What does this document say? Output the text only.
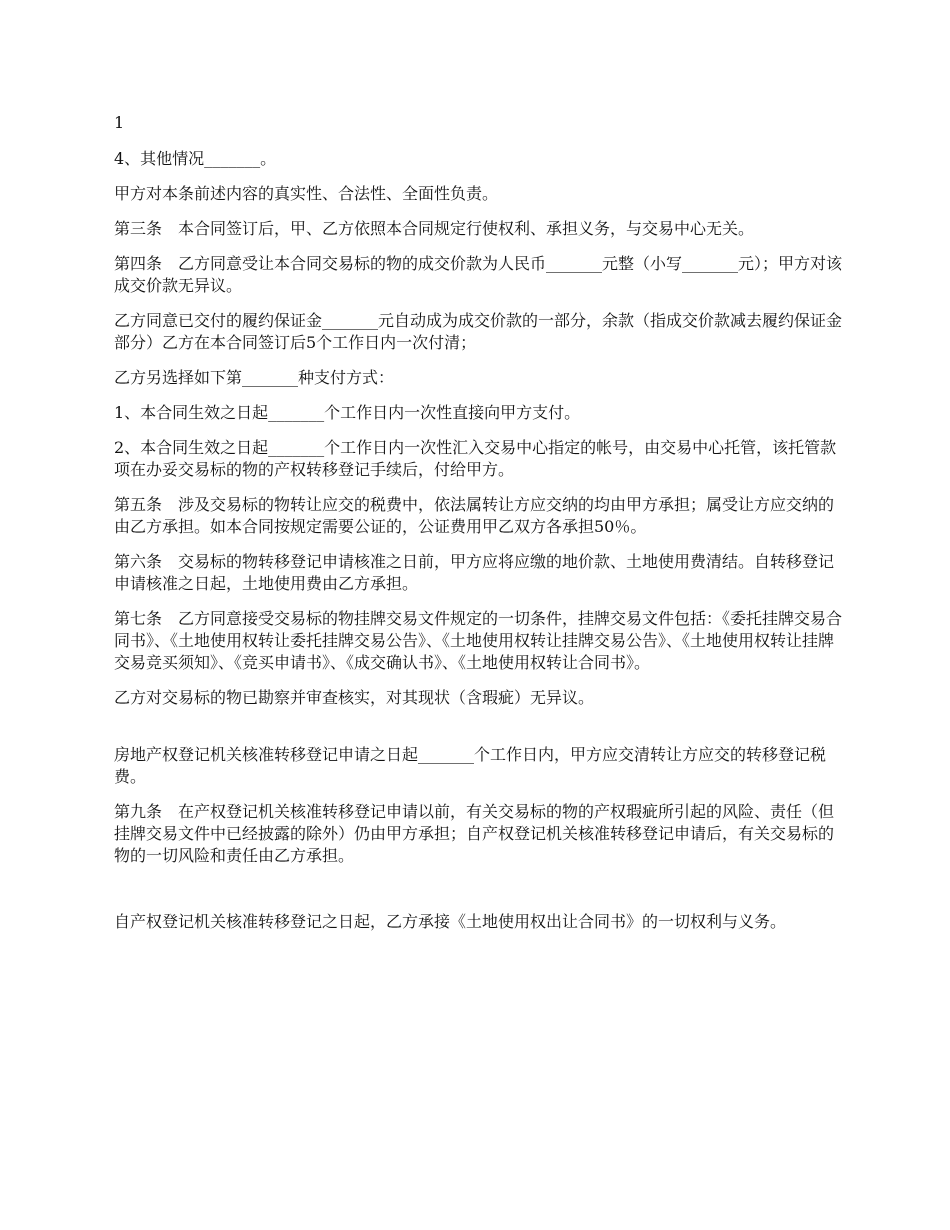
1

4、其他情况_______。

甲方对本条前述内容的真实性、合法性、全面性负责。

第三条　本合同签订后，甲、乙方依照本合同规定行使权利、承担义务，与交易中心无关。

第四条　乙方同意受让本合同交易标的物的成交价款为人民币_______元整（小写_______元）；甲方对该成交价款无异议。

乙方同意已交付的履约保证金_______元自动成为成交价款的一部分，余款（指成交价款减去履约保证金部分）乙方在本合同签订后5个工作日内一次付清；

乙方另选择如下第_______种支付方式：

1、本合同生效之日起_______个工作日内一次性直接向甲方支付。

2、本合同生效之日起_______个工作日内一次性汇入交易中心指定的帐号，由交易中心托管，该托管款项在办妥交易标的物的产权转移登记手续后，付给甲方。

第五条　涉及交易标的物转让应交的税费中，依法属转让方应交纳的均由甲方承担；属受让方应交纳的由乙方承担。如本合同按规定需要公证的，公证费用甲乙双方各承担50％。

第六条　交易标的物转移登记申请核准之日前，甲方应将应缴的地价款、土地使用费清结。自转移登记申请核准之日起，土地使用费由乙方承担。

第七条　乙方同意接受交易标的物挂牌交易文件规定的一切条件，挂牌交易文件包括：《委托挂牌交易合同书》、《土地使用权转让委托挂牌交易公告》、《土地使用权转让挂牌交易公告》、《土地使用权转让挂牌交易竞买须知》、《竞买申请书》、《成交确认书》、《土地使用权转让合同书》。

乙方对交易标的物已勘察并审查核实，对其现状（含瑕疵）无异议。

房地产权登记机关核准转移登记申请之日起_______个工作日内，甲方应交清转让方应交的转移登记税费。

第九条　在产权登记机关核准转移登记申请以前，有关交易标的物的产权瑕疵所引起的风险、责任（但挂牌交易文件中已经披露的除外）仍由甲方承担；自产权登记机关核准转移登记申请后，有关交易标的物的一切风险和责任由乙方承担。

自产权登记机关核准转移登记之日起，乙方承接《土地使用权出让合同书》的一切权利与义务。
